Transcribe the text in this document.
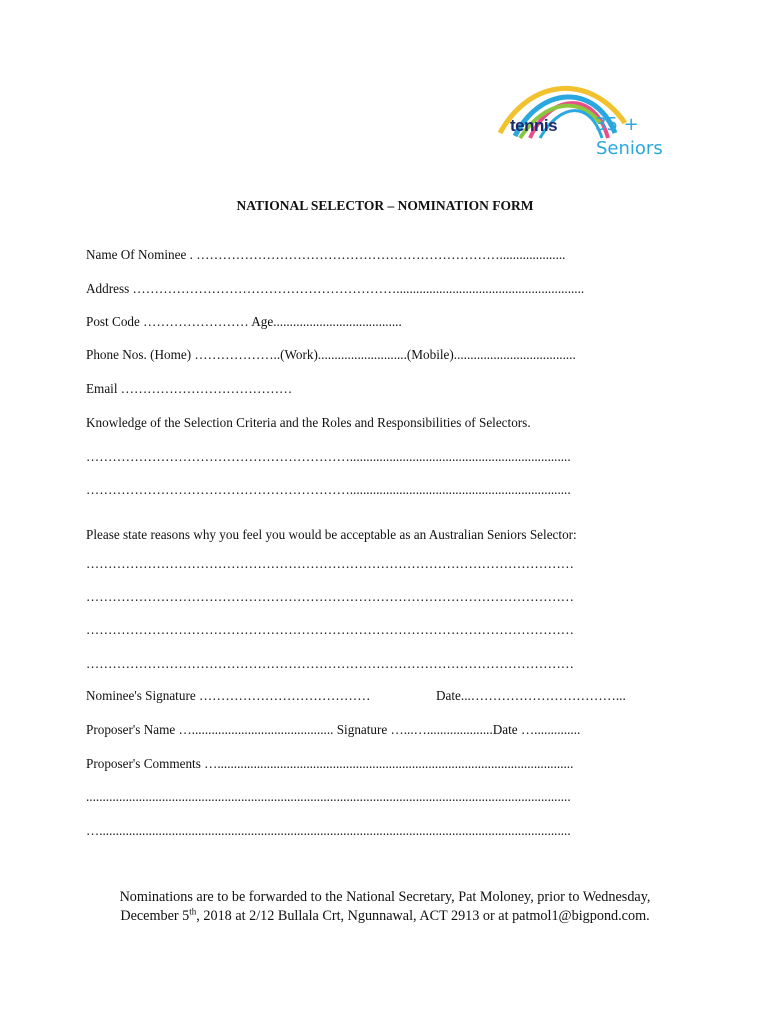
tennis 35 +
Seniors
NATIONAL SELECTOR – NOMINATION FORM
Name Of Nominee . ……………………………………………………………....................
Address …………………………………………………….........................................................
Post Code …………………… Age.......................................
Phone Nos. (Home) ………………..(Work)...........................(Mobile).....................................
Email …………………………………
Knowledge of the Selection Criteria and the Roles and Responsibilities of Selectors.
……………………………………………………...................................................................
……………………………………………………...................................................................
Please state reasons why you feel you would be acceptable as an Australian Seniors Selector:
…………………………………………………………………………………………………
…………………………………………………………………………………………………
…………………………………………………………………………………………………
…………………………………………………………………………………………………
Nominee's Signature …………………………………	Date...……………………………...
Proposer's Name …........................................... Signature …...…....................Date …..............
Proposer's Comments …............................................................................................................
...................................................................................................................................................
…...............................................................................................................................................
Nominations are to be forwarded to the National Secretary, Pat Moloney, prior to Wednesday,
December 5th, 2018 at 2/12 Bullala Crt, Ngunnawal, ACT 2913 or at patmol1@bigpond.com.
